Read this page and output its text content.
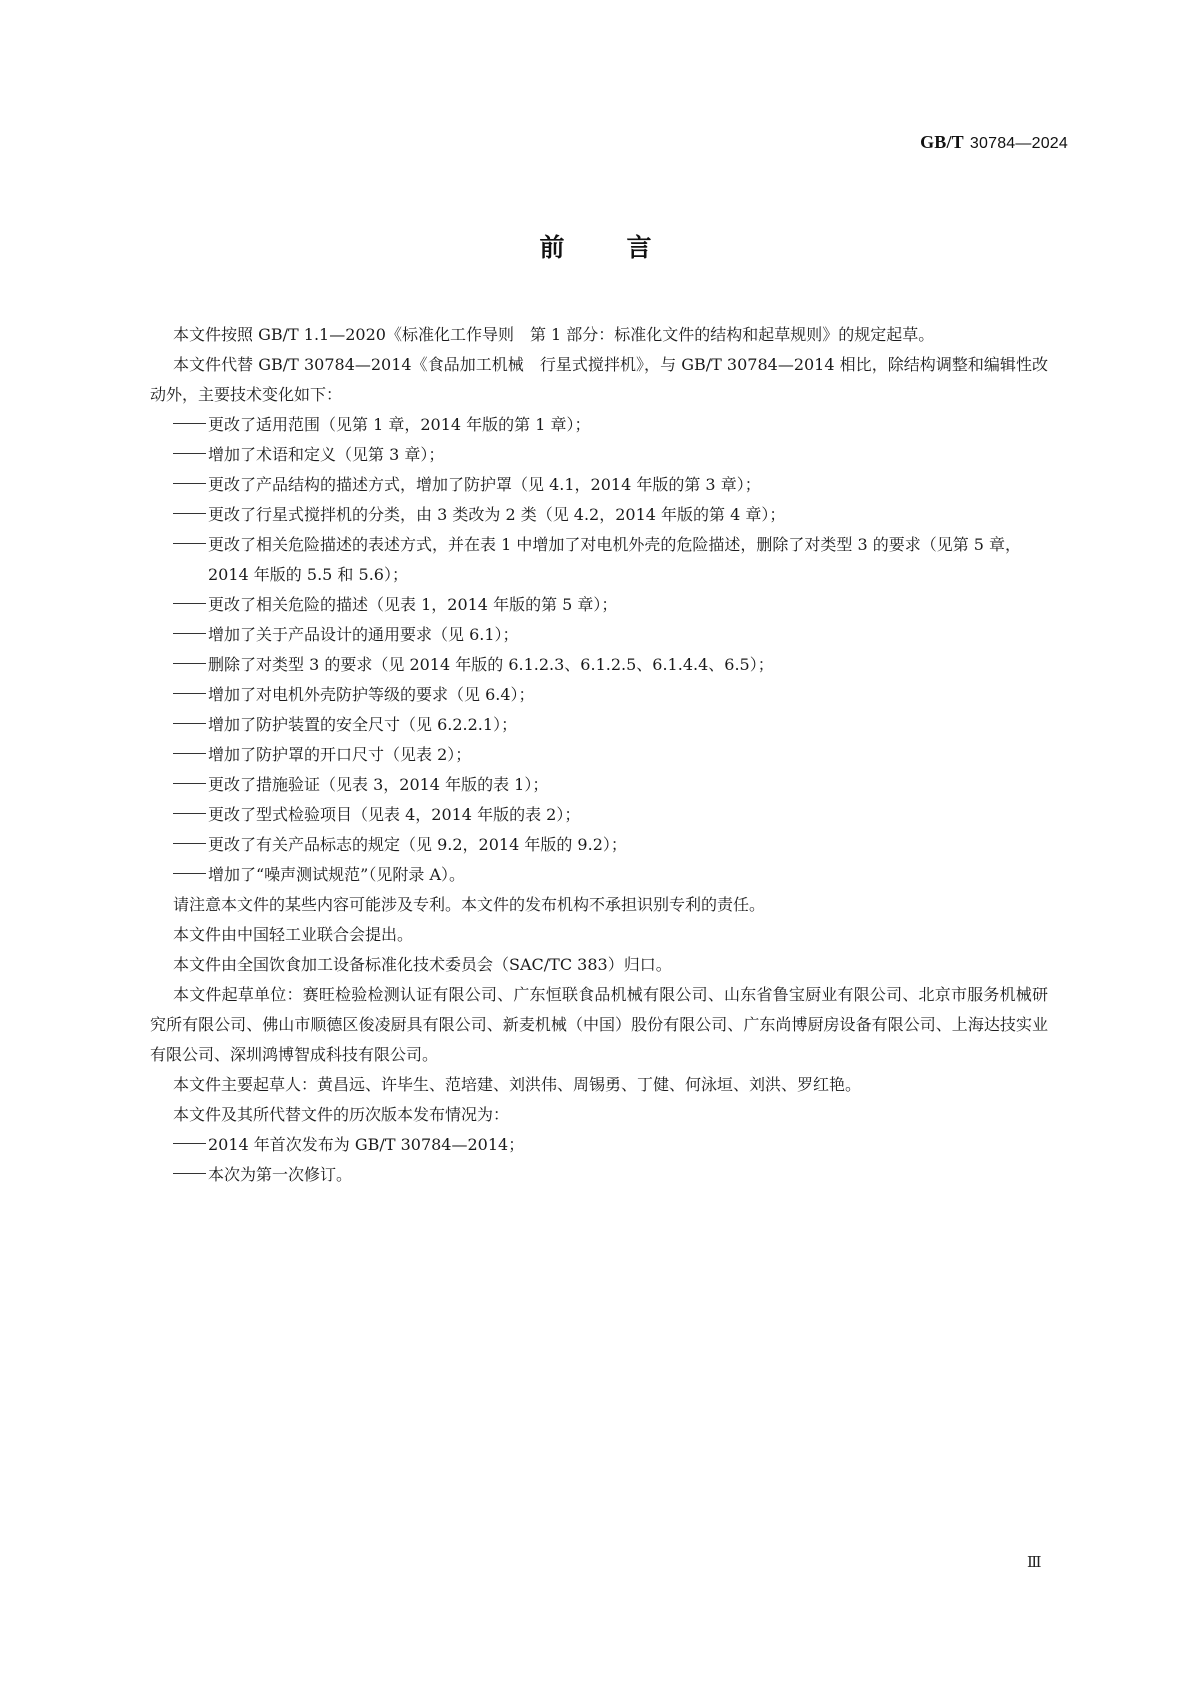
GB/T 30784—2024
前 言

本文件按照 GB/T 1.1—2020《标准化工作导则　第 1 部分：标准化文件的结构和起草规则》的规定起草。

本文件代替 GB/T 30784—2014《食品加工机械　行星式搅拌机》，与 GB/T 30784—2014 相比，除结构调整和编辑性改动外，主要技术变化如下：

更改了适用范围（见第 1 章，2014 年版的第 1 章）；

增加了术语和定义（见第 3 章）；

更改了产品结构的描述方式，增加了防护罩（见 4.1，2014 年版的第 3 章）；

更改了行星式搅拌机的分类，由 3 类改为 2 类（见 4.2，2014 年版的第 4 章）；

更改了相关危险描述的表述方式，并在表 1 中增加了对电机外壳的危险描述，删除了对类型 3 的要求（见第 5 章，2014 年版的 5.5 和 5.6）；

更改了相关危险的描述（见表 1，2014 年版的第 5 章）；

增加了关于产品设计的通用要求（见 6.1）；

删除了对类型 3 的要求（见 2014 年版的 6.1.2.3、6.1.2.5、6.1.4.4、6.5）；

增加了对电机外壳防护等级的要求（见 6.4）；

增加了防护装置的安全尺寸（见 6.2.2.1）；

增加了防护罩的开口尺寸（见表 2）；

更改了措施验证（见表 3，2014 年版的表 1）；

更改了型式检验项目（见表 4，2014 年版的表 2）；

更改了有关产品标志的规定（见 9.2，2014 年版的 9.2）；

增加了“噪声测试规范”（见附录 A）。

请注意本文件的某些内容可能涉及专利。本文件的发布机构不承担识别专利的责任。

本文件由中国轻工业联合会提出。

本文件由全国饮食加工设备标准化技术委员会（SAC/TC 383）归口。

本文件起草单位：赛旺检验检测认证有限公司、广东恒联食品机械有限公司、山东省鲁宝厨业有限公司、北京市服务机械研究所有限公司、佛山市顺德区俊凌厨具有限公司、新麦机械（中国）股份有限公司、广东尚博厨房设备有限公司、上海达技实业有限公司、深圳鸿博智成科技有限公司。

本文件主要起草人：黄昌远、许毕生、范培建、刘洪伟、周锡勇、丁健、何泳垣、刘洪、罗红艳。

本文件及其所代替文件的历次版本发布情况为：

2014 年首次发布为 GB/T 30784—2014；

本次为第一次修订。

Ⅲ
